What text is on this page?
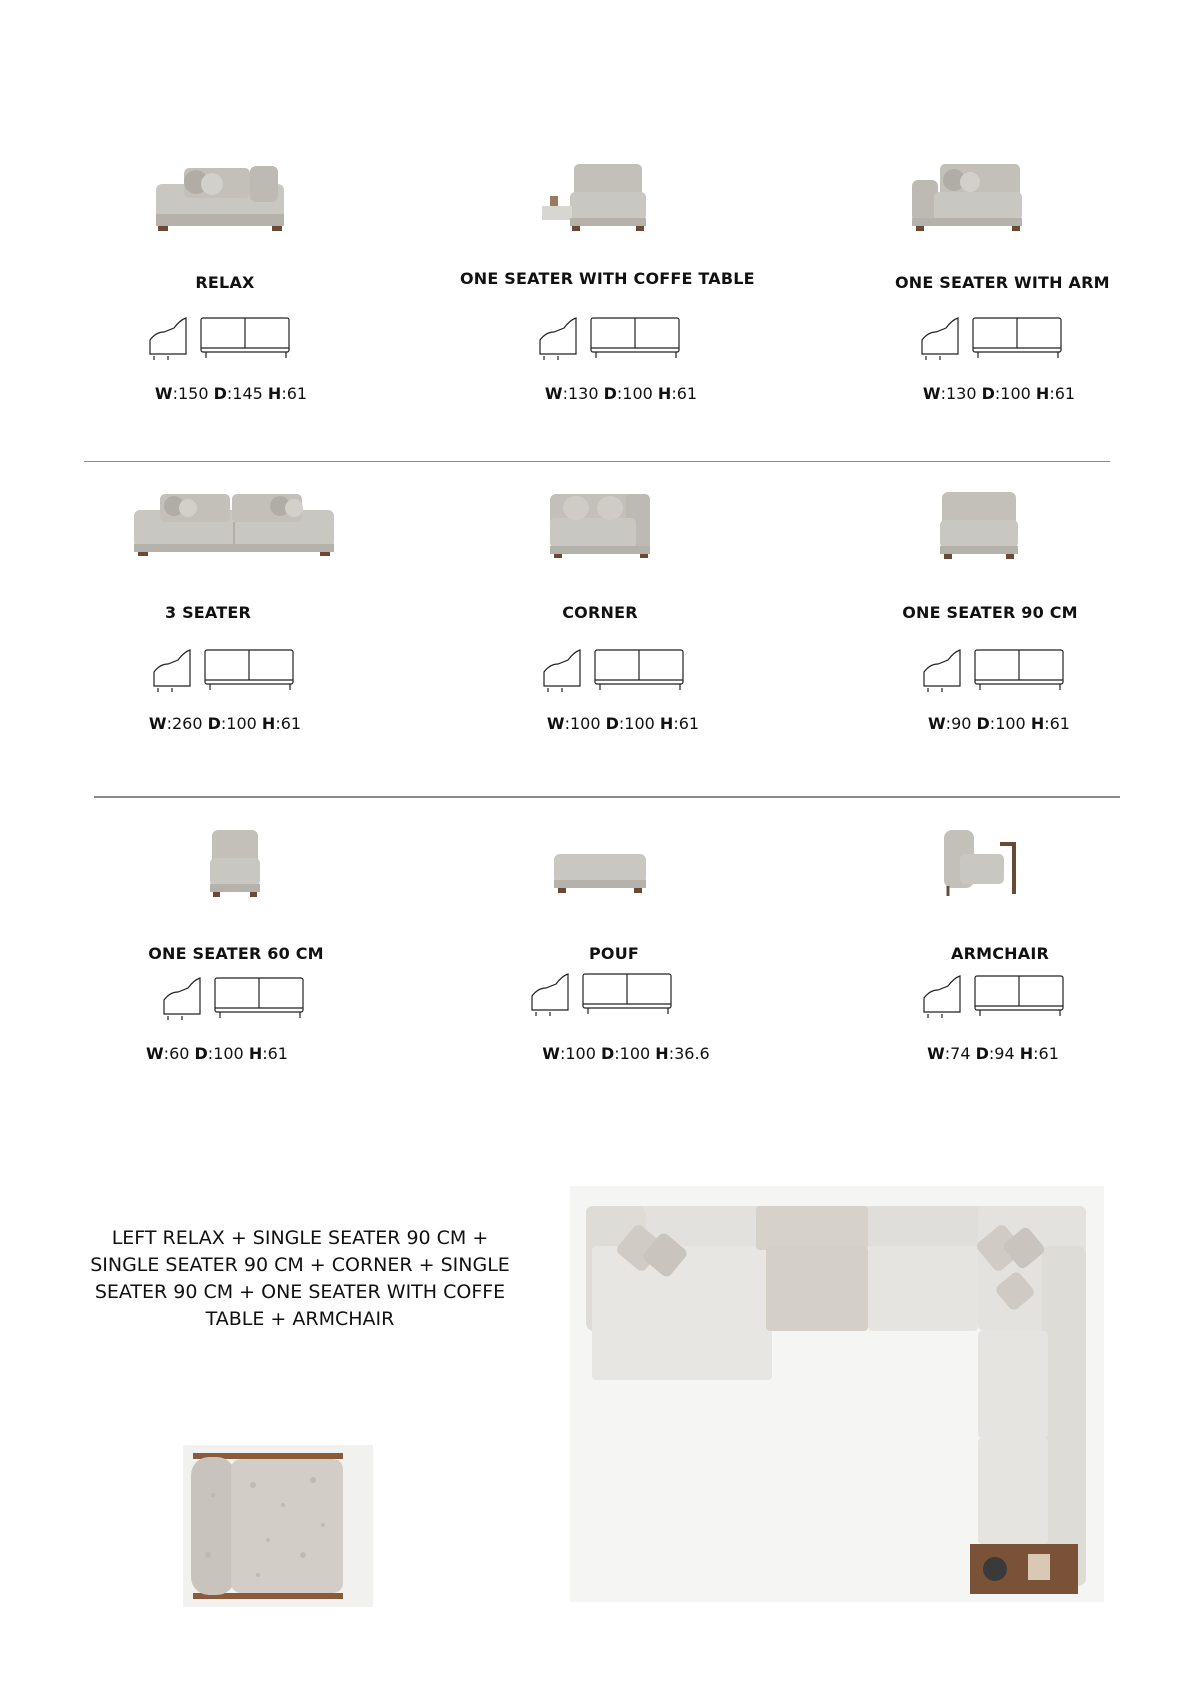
RELAX
W:150 D:145 H:61
ONE SEATER WITH COFFE TABLE
W:130 D:100 H:61
ONE SEATER WITH ARM
W:130 D:100 H:61
3 SEATER
W:260 D:100 H:61
CORNER
W:100 D:100 H:61
ONE SEATER 90 CM
W:90 D:100 H:61
ONE SEATER 60 CM
W:60 D:100 H:61
POUF
W:100 D:100 H:36.6
ARMCHAIR
W:74 D:94 H:61
LEFT RELAX + SINGLE SEATER 90 CM + SINGLE SEATER 90 CM + CORNER + SINGLE SEATER 90 CM + ONE SEATER WITH COFFE TABLE + ARMCHAIR
